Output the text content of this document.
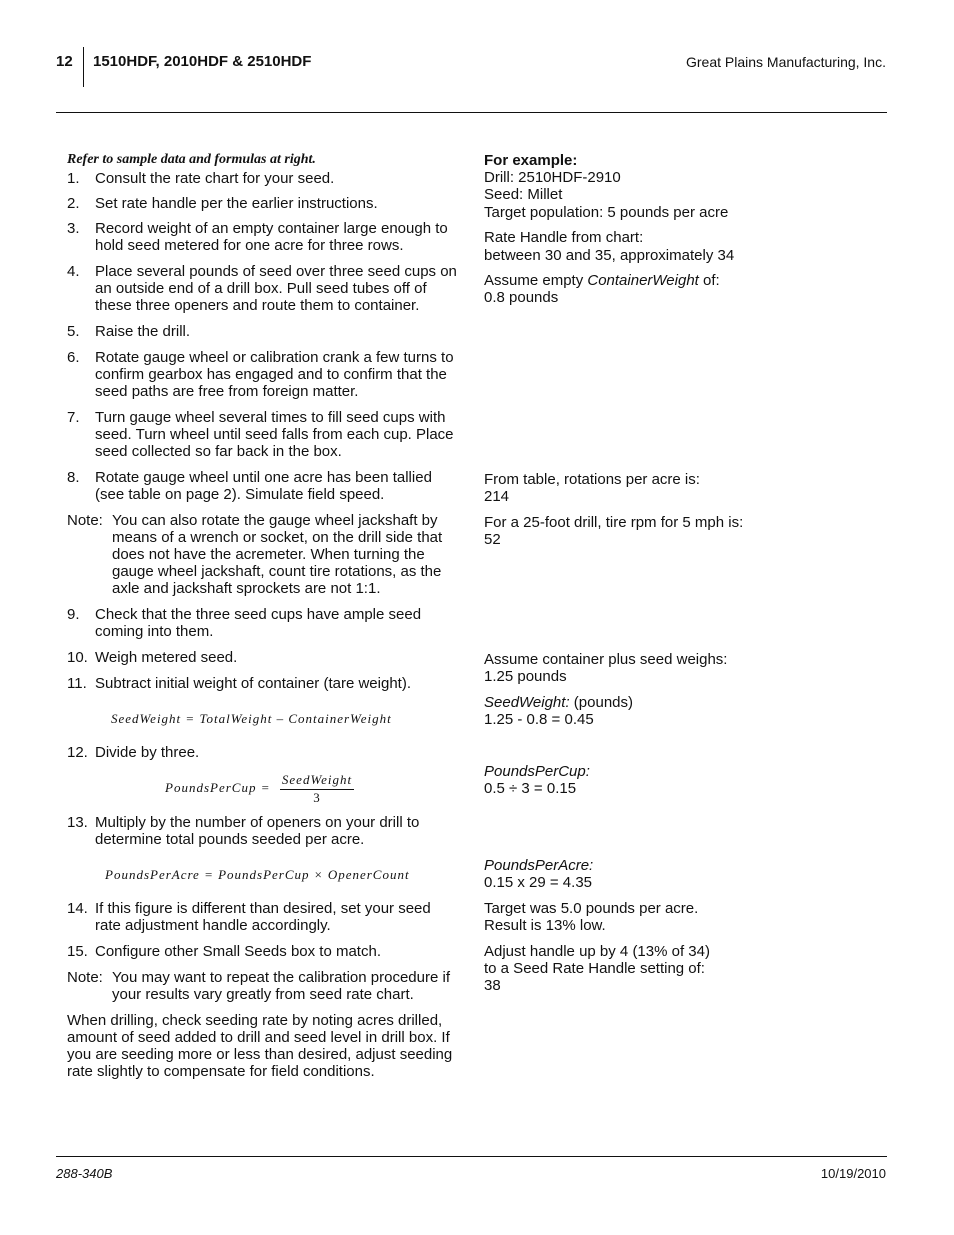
12 1510HDF, 2010HDF & 2510HDF	Great Plains Manufacturing, Inc.
Refer to sample data and formulas at right.
1. Consult the rate chart for your seed.
2. Set rate handle per the earlier instructions.
3. Record weight of an empty container large enough to hold seed metered for one acre for three rows.
4. Place several pounds of seed over three seed cups on an outside end of a drill box. Pull seed tubes off of these three openers and route them to container.
5. Raise the drill.
6. Rotate gauge wheel or calibration crank a few turns to confirm gearbox has engaged and to confirm that the seed paths are free from foreign matter.
7. Turn gauge wheel several times to fill seed cups with seed. Turn wheel until seed falls from each cup. Place seed collected so far back in the box.
8. Rotate gauge wheel until one acre has been tallied (see table on page 2). Simulate field speed.
Note: You can also rotate the gauge wheel jackshaft by means of a wrench or socket, on the drill side that does not have the acremeter. When turning the gauge wheel jackshaft, count tire rotations, as the axle and jackshaft sprockets are not 1:1.
9. Check that the three seed cups have ample seed coming into them.
10. Weigh metered seed.
11. Subtract initial weight of container (tare weight).
SeedWeight = TotalWeight – ContainerWeight
12. Divide by three.
PoundsPerCup =
SeedWeight
3
13. Multiply by the number of openers on your drill to determine total pounds seeded per acre.
PoundsPerAcre = PoundsPerCup × OpenerCount
14. If this figure is different than desired, set your seed rate adjustment handle accordingly.
15. Configure other Small Seeds box to match.
Note: You may want to repeat the calibration procedure if your results vary greatly from seed rate chart.
When drilling, check seeding rate by noting acres drilled, amount of seed added to drill and seed level in drill box. If you are seeding more or less than desired, adjust seeding rate slightly to compensate for field conditions.
For example:
Drill: 2510HDF-2910
Seed: Millet
Target population: 5 pounds per acre
Rate Handle from chart:
between 30 and 35, approximately 34
Assume empty ContainerWeight of:
0.8 pounds
From table, rotations per acre is:
214
For a 25-foot drill, tire rpm for 5 mph is:
52
Assume container plus seed weighs:
1.25 pounds
SeedWeight: (pounds)
1.25 - 0.8 = 0.45
PoundsPerCup:
0.5 ÷ 3 = 0.15
PoundsPerAcre:
0.15 x 29 = 4.35
Target was 5.0 pounds per acre.
Result is 13% low.
Adjust handle up by 4 (13% of 34)
to a Seed Rate Handle setting of:
38
288-340B	10/19/2010
